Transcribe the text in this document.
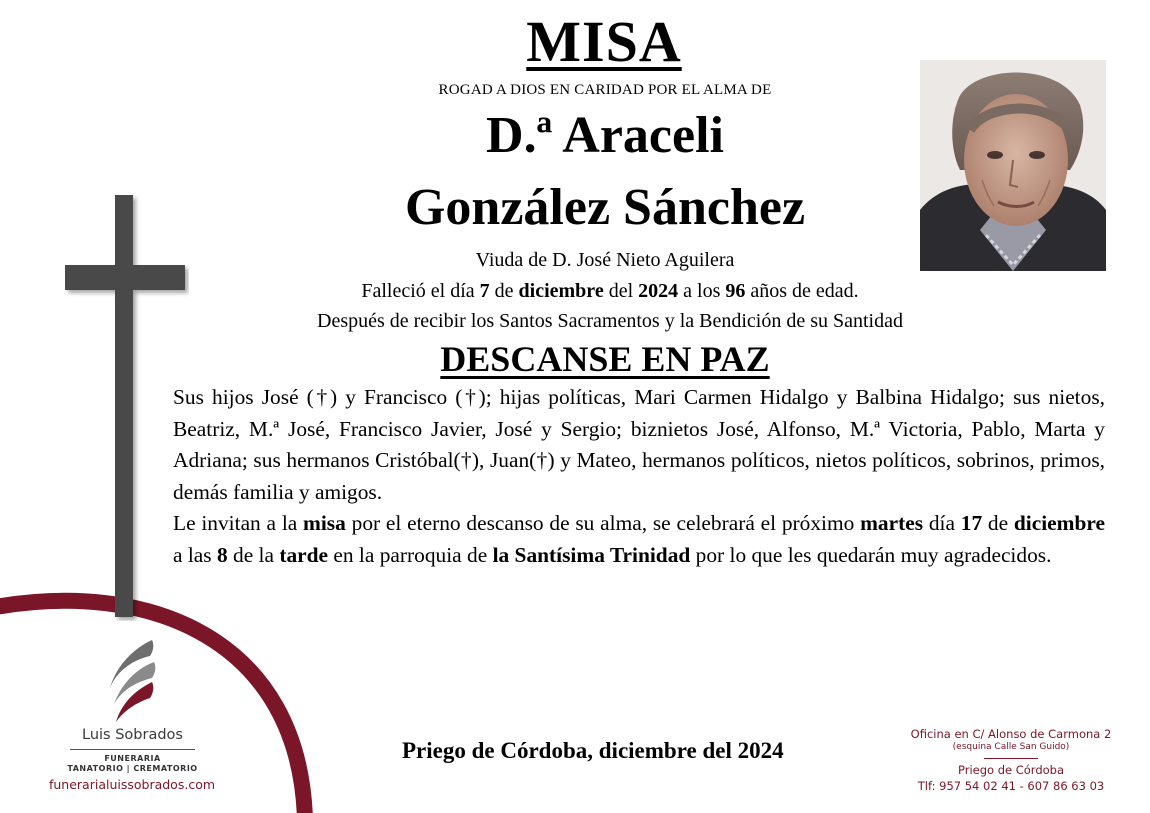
MISA
ROGAD A DIOS EN CARIDAD POR EL ALMA DE
D.ª Araceli
González Sánchez
Viuda de D. José Nieto Aguilera
Falleció el día 7 de diciembre del 2024 a los 96 años de edad.
Después de recibir los Santos Sacramentos y la Bendición de su Santidad
DESCANSE EN PAZ

Sus hijos José (†) y Francisco (†); hijas políticas, Mari Carmen Hidalgo y Balbina Hidalgo; sus nietos, Beatriz, M.ª José, Francisco Javier, José y Sergio; biznietos José, Alfonso, M.ª Victoria, Pablo, Marta y Adriana; sus hermanos Cristóbal(†), Juan(†) y Mateo, hermanos políticos, nietos políticos, sobrinos, primos, demás familia y amigos.

Le invitan a la misa por el eterno descanso de su alma, se celebrará el próximo martes día 17 de diciembre a las 8 de la tarde en la parroquia de la Santísima Trinidad por lo que les quedarán muy agradecidos.

Luis Sobrados
FUNERARIA
TANATORIO | CREMATORIO
funerarialuissobrados.com
Priego de Córdoba, diciembre del 2024
Oficina en C/ Alonso de Carmona 2
(esquina Calle San Guido)
Priego de Córdoba
Tlf: 957 54 02 41 - 607 86 63 03
